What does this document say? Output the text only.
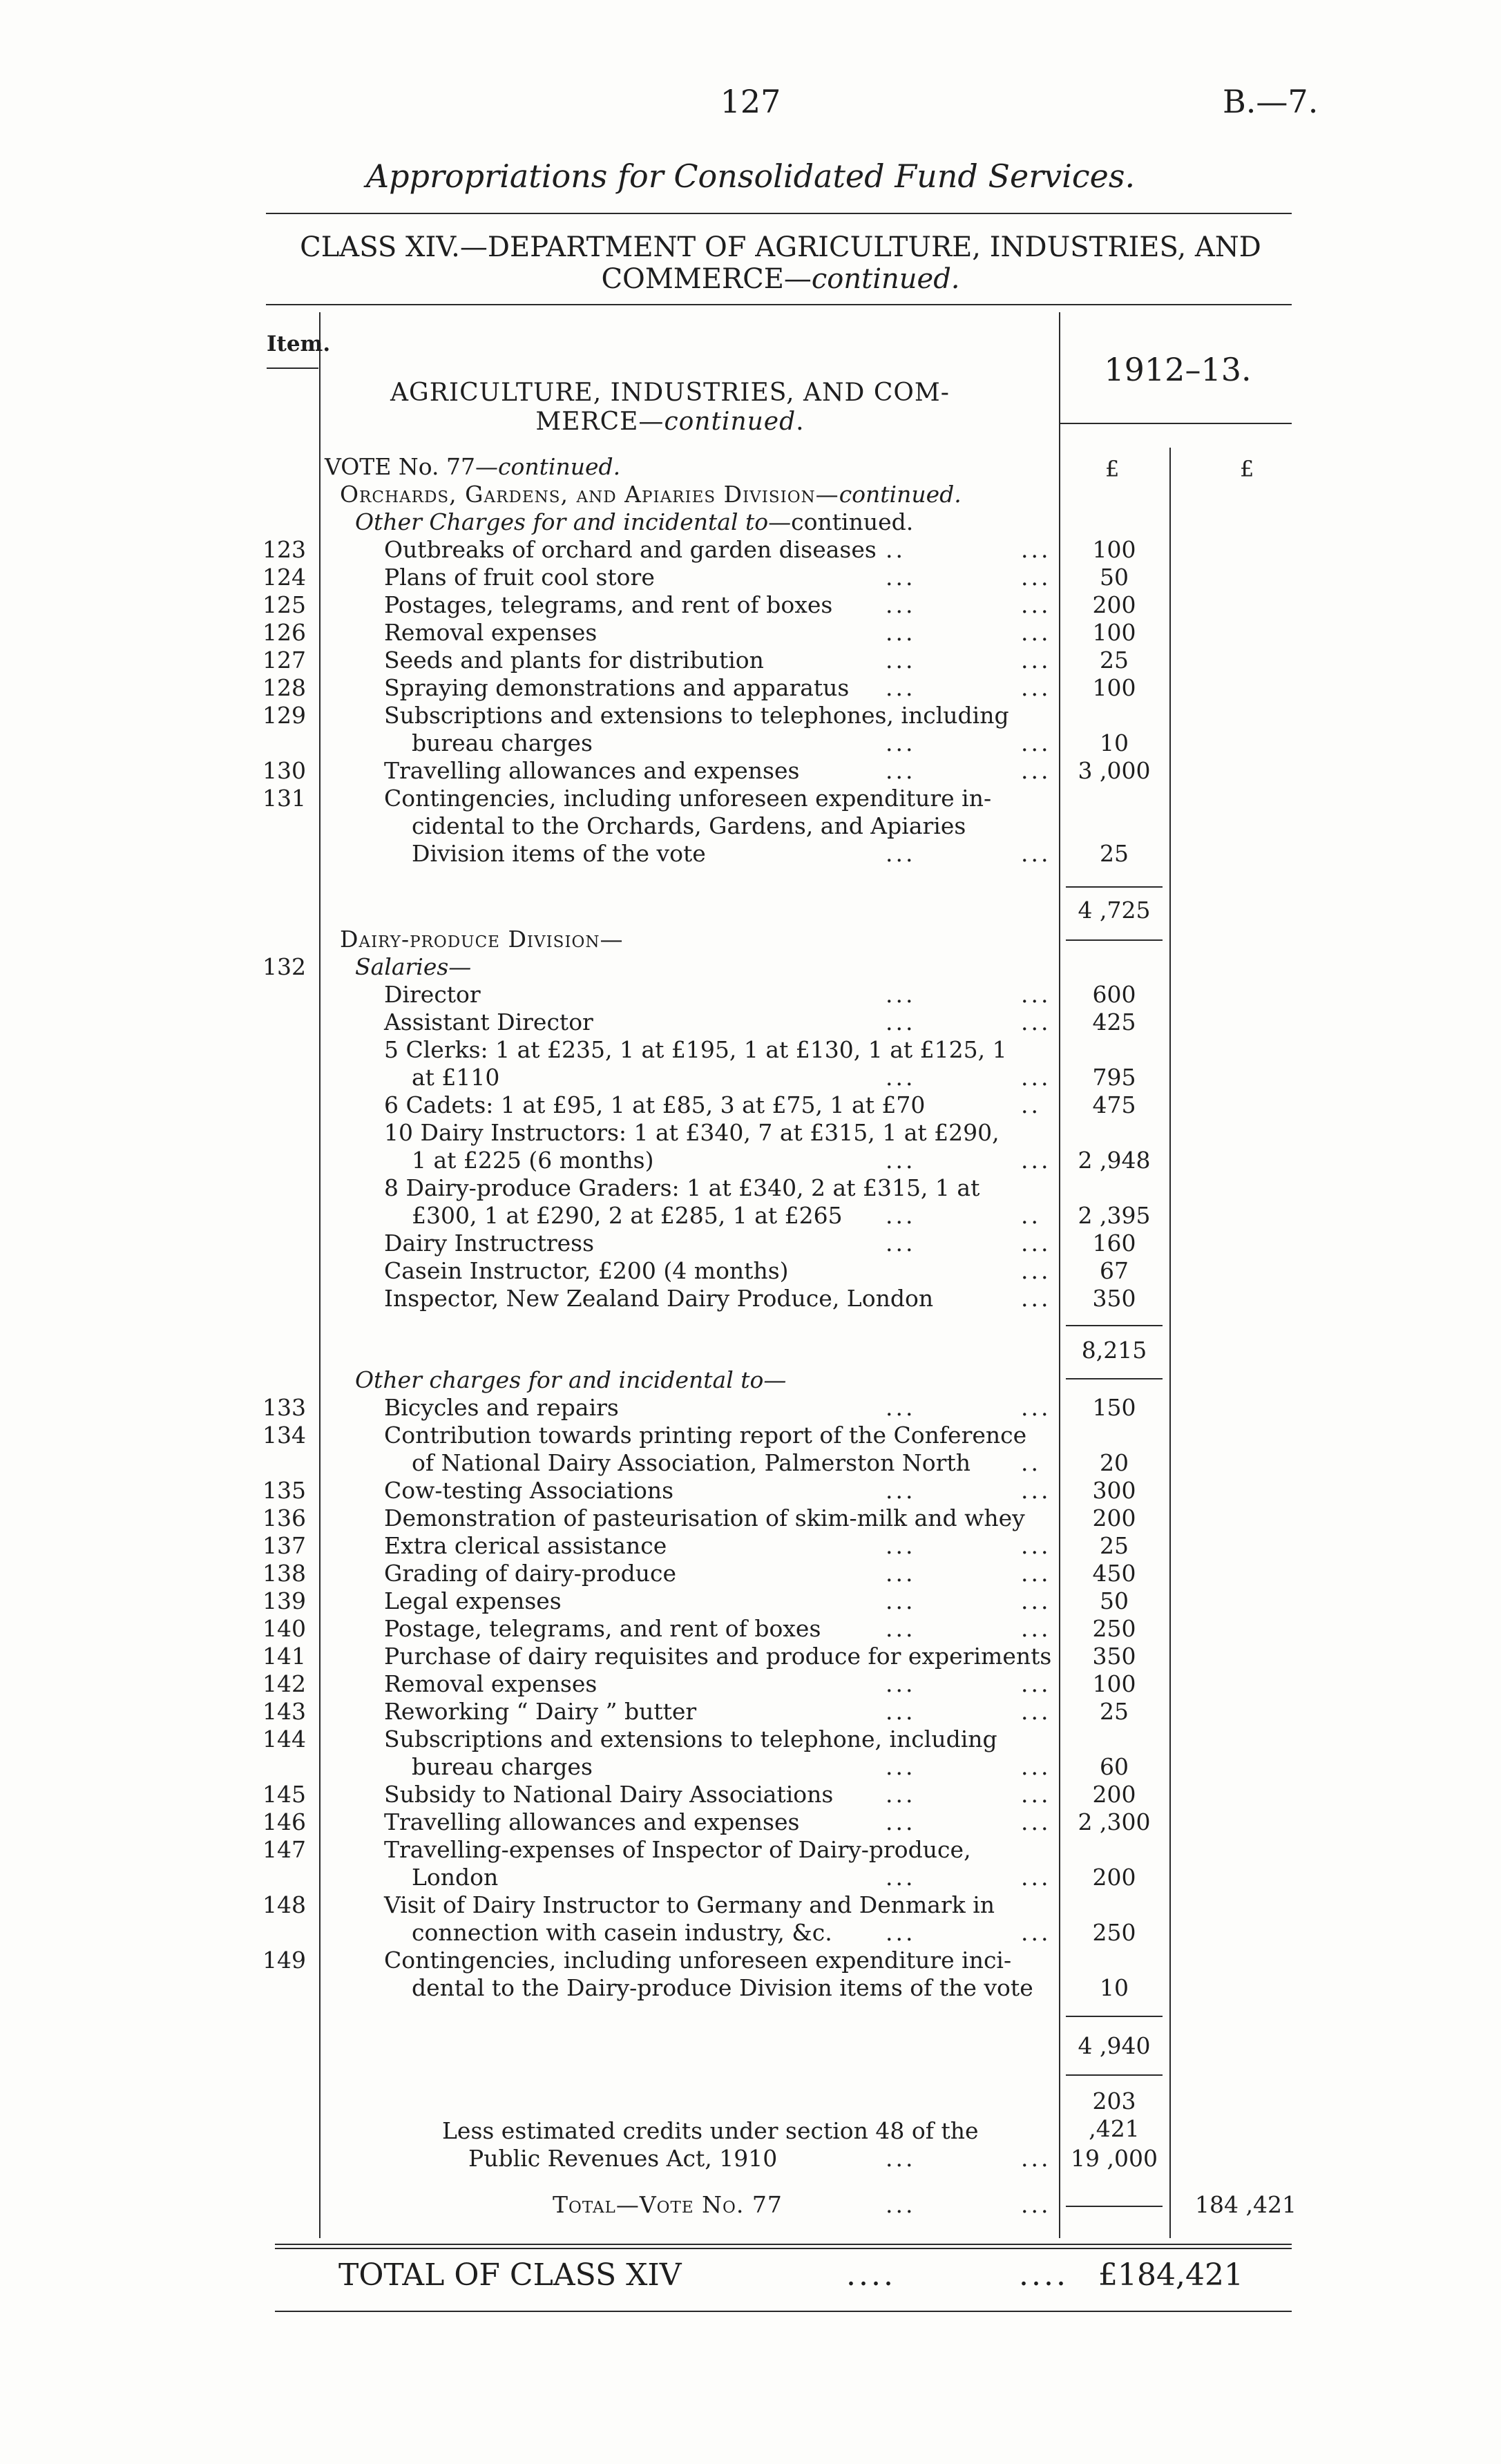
127	B.—7.
Appropriations for Consolidated Fund Services.
CLASS XIV.—DEPARTMENT OF AGRICULTURE, INDUSTRIES, AND
COMMERCE—continued.
Item.
1912–13.
AGRICULTURE, INDUSTRIES, AND COM-
MERCE—continued.
£	£
VOTE No. 77—continued.
Orchards, Gardens, and Apiaries Division—continued.
Other Charges for and incidental to—continued.
123	Outbreaks of orchard and garden diseases ..	...	100
124	Plans of fruit cool store	...	...	50
125	Postages, telegrams, and rent of boxes ...	...	200
126	Removal expenses	...	...	100
127	Seeds and plants for distribution	...	...	25
128	Spraying demonstrations and apparatus ...	...	100
129	Subscriptions and extensions to telephones, including
bureau charges	...	...	10
130	Travelling allowances and expenses	...	...	3 ,000
131	Contingencies, including unforeseen expenditure in-
cidental to the Orchards, Gardens, and Apiaries
Division items of the vote	...	...	25
4 ,725
Dairy-produce Division—
132	Salaries—
Director	...	...	600
Assistant Director	...	...	425
5 Clerks: 1 at £235, 1 at £195, 1 at £130, 1 at £125, 1
at £110	...	...	795
6 Cadets: 1 at £95, 1 at £85, 3 at £75, 1 at £70	..	475
10 Dairy Instructors: 1 at £340, 7 at £315, 1 at £290,
1 at £225 (6 months)	...	...	2 ,948
8 Dairy-produce Graders: 1 at £340, 2 at £315, 1 at
£300, 1 at £290, 2 at £285, 1 at £265 ...	..	2 ,395
Dairy Instructress	...	...	160
Casein Instructor, £200 (4 months)	...	67
Inspector, New Zealand Dairy Produce, London	...	350
8,215
Other charges for and incidental to—
133	Bicycles and repairs	...	...	150
134	Contribution towards printing report of the Conference
of National Dairy Association, Palmerston North ..	20
135	Cow-testing Associations	...	...	300
136	Demonstration of pasteurisation of skim-milk and whey	200
137	Extra clerical assistance	...	...	25
138	Grading of dairy-produce	...	...	450
139	Legal expenses	...	...	50
140	Postage, telegrams, and rent of boxes	...	...	250
141	Purchase of dairy requisites and produce for experiments	350
142	Removal expenses	...	...	100
143	Reworking “ Dairy ” butter	...	...	25
144	Subscriptions and extensions to telephone, including
bureau charges	...	...	60
145	Subsidy to National Dairy Associations ...	...	200
146	Travelling allowances and expenses	...	...	2 ,300
147	Travelling-expenses of Inspector of Dairy-produce,
London	...	...	200
148	Visit of Dairy Instructor to Germany and Denmark in
connection with casein industry, &c. ...	...	250
149	Contingencies, including unforeseen expenditure inci-
dental to the Dairy-produce Division items of the vote	10
4 ,940
203 ,421
Less estimated credits under section 48 of the
Public Revenues Act, 1910	...	... 19 ,000
Total—Vote No. 77	...	...	184 ,421
TOTAL OF CLASS XIV	....	.... £184,421
